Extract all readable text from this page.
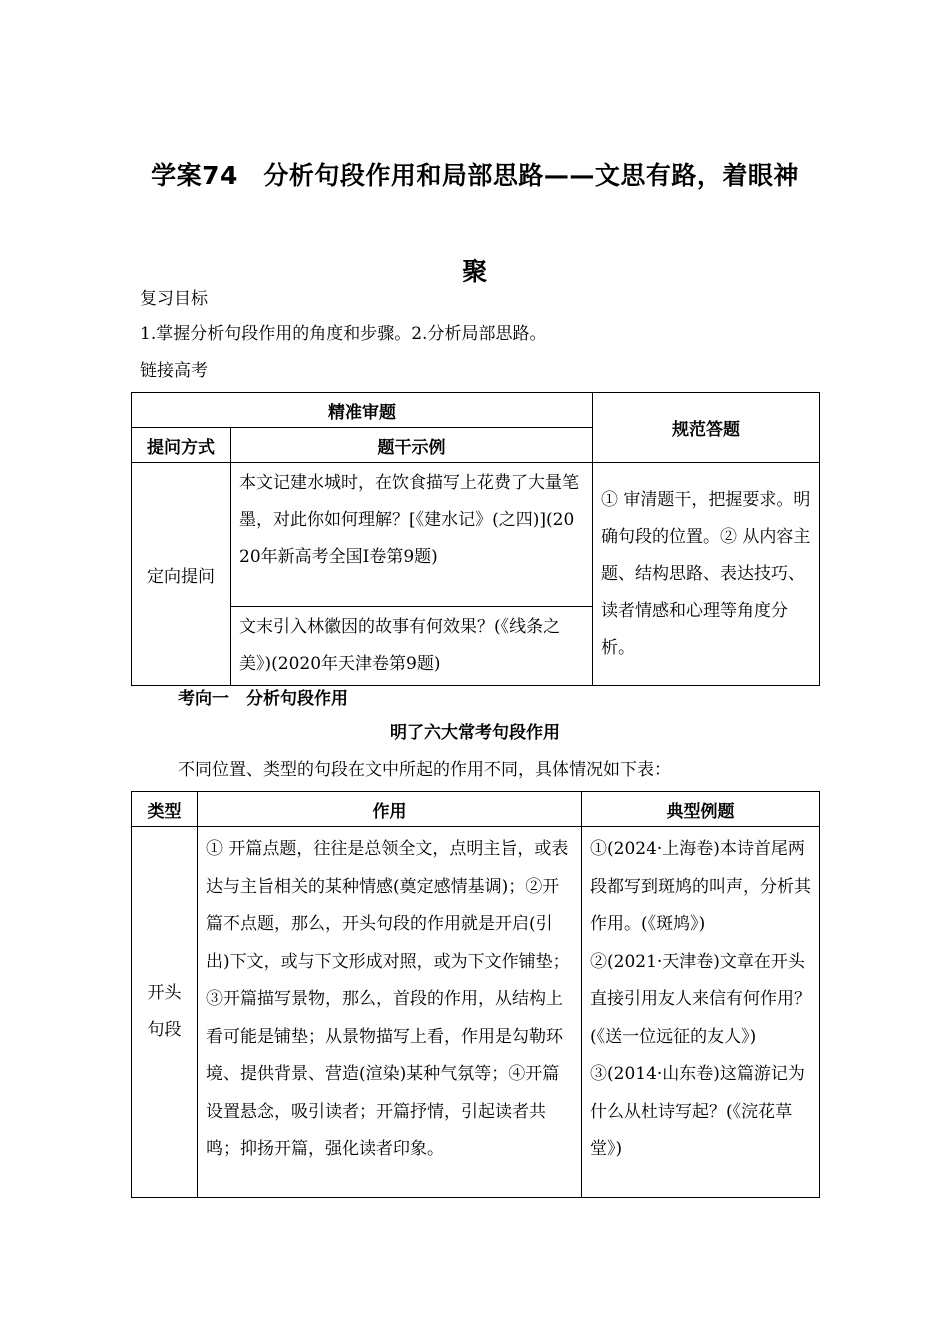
学案74　分析句段作用和局部思路——文思有路，着眼神聚
复习目标
1.掌握分析句段作用的角度和步骤。2.分析局部思路。
链接高考
精准审题		规范答题
提问方式	题干示例	
定向提问	本文记建水城时，在饮食描写上花费了大量笔墨，对此你如何理解？[《建水记》(之四)](2020年新高考全国Ⅰ卷第9题)	① 审清题干，把握要求。明确句段的位置。② 从内容主题、结构思路、表达技巧、读者情感和心理等角度分析。

	文末引入林徽因的故事有何效果？(《线条之美》)(2020年天津卷第9题)	
考向一　分析句段作用
明了六大常考句段作用
不同位置、类型的句段在文中所起的作用不同，具体情况如下表：
类型	作用	典型例题
开头句段	① 开篇点题，往往是总领全文，点明主旨，或表达与主旨相关的某种情感(奠定感情基调)；②开篇不点题，那么，开头句段的作用就是开启(引出)下文，或与下文形成对照，或为下文作铺垫；③开篇描写景物，那么，首段的作用，从结构上看可能是铺垫；从景物描写上看，作用是勾勒环境、提供背景、营造(渲染)某种气氛等；④开篇设置悬念，吸引读者；开篇抒情，引起读者共鸣；抑扬开篇，强化读者印象。	①(2024·上海卷)本诗首尾两段都写到斑鸠的叫声，分析其作用。(《斑鸠》)
②(2021·天津卷)文章在开头直接引用友人来信有何作用？(《送一位远征的友人》)
③(2014·山东卷)这篇游记为什么从杜诗写起？(《浣花草堂》)
